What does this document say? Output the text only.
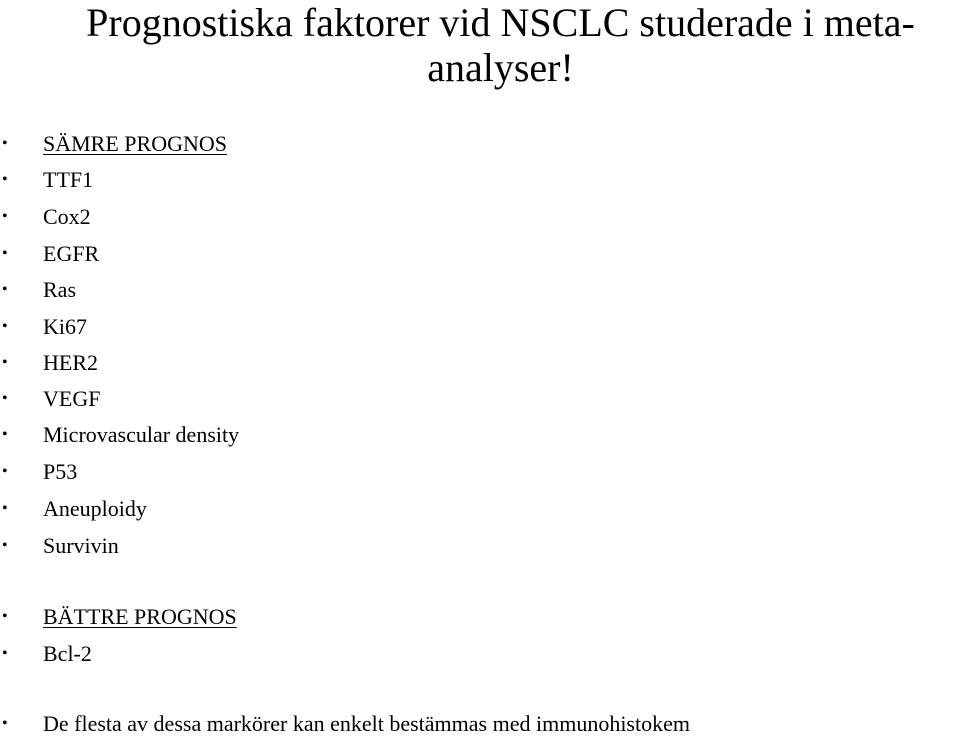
Prognostiska faktorer vid NSCLC studerade i meta-analyser!
• SÄMRE PROGNOS
• TTF1
• Cox2
• EGFR
• Ras
• Ki67
• HER2
• VEGF
• Microvascular density
• P53
• Aneuploidy
• Survivin
• BÄTTRE PROGNOS
• Bcl-2
• De flesta av dessa markörer kan enkelt bestämmas med immunohistokem
